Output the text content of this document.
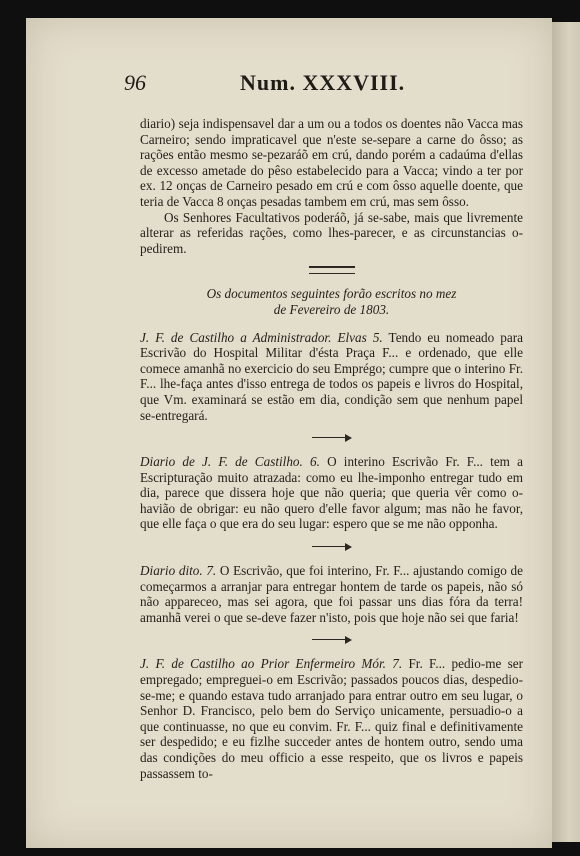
96	Num. XXXVIII.

diario) seja indispensavel dar a um ou a todos os doentes não Vacca mas Carneiro; sendo impraticavel que n'este se-separe a carne do ôsso; as rações então mesmo se-pezaráõ em crú, dando porém a cadaúma d'ellas de excesso ametade do pêso estabelecido para a Vacca; vindo a ter por ex. 12 onças de Carneiro pesado em crú e com ôsso aquelle doente, que teria de Vacca 8 onças pesadas tambem em crú, mas sem ôsso.

Os Senhores Facultativos poderáõ, já se-sabe, mais que livremente alterar as referidas rações, como lhes-parecer, e as circunstancias o-pedirem.

Os documentos seguintes forão escritos no mez
de Fevereiro de 1803.

J. F. de Castilho a Administrador. Elvas 5. Tendo eu nomeado para Escrivão do Hospital Militar d'ésta Praça F... e ordenado, que elle comece amanhã no exercicio do seu Emprégo; cumpre que o interino Fr. F... lhe-faça antes d'isso entrega de todos os papeis e livros do Hospital, que Vm. examinará se estão em dia, condição sem que nenhum papel se-entregará.

Diario de J. F. de Castilho. 6. O interino Escrivão Fr. F... tem a Escripturação muito atrazada: como eu lhe-imponho entregar tudo em dia, parece que dissera hoje que não queria; que queria vêr como o-havião de obrigar: eu não quero d'elle favor algum; mas não he favor, que elle faça o que era do seu lugar: espero que se me não opponha.

Diario dito. 7. O Escrivão, que foi interino, Fr. F... ajustando comigo de começarmos a arranjar para entregar hontem de tarde os papeis, não só não appareceo, mas sei agora, que foi passar uns dias fóra da terra! amanhã verei o que se-deve fazer n'isto, pois que hoje não sei que faria!

J. F. de Castilho ao Prior Enfermeiro Mór. 7. Fr. F... pedio-me ser empregado; empreguei-o em Escrivão; passados poucos dias, despedio-se-me; e quando estava tudo arranjado para entrar outro em seu lugar, o Senhor D. Francisco, pelo bem do Serviço unicamente, persuadio-o a que continuasse, no que eu convim. Fr. F... quiz final e definitivamente ser despedido; e eu fizlhe succeder antes de hontem outro, sendo uma das condições do meu officio a esse respeito, que os livros e papeis passassem to-
